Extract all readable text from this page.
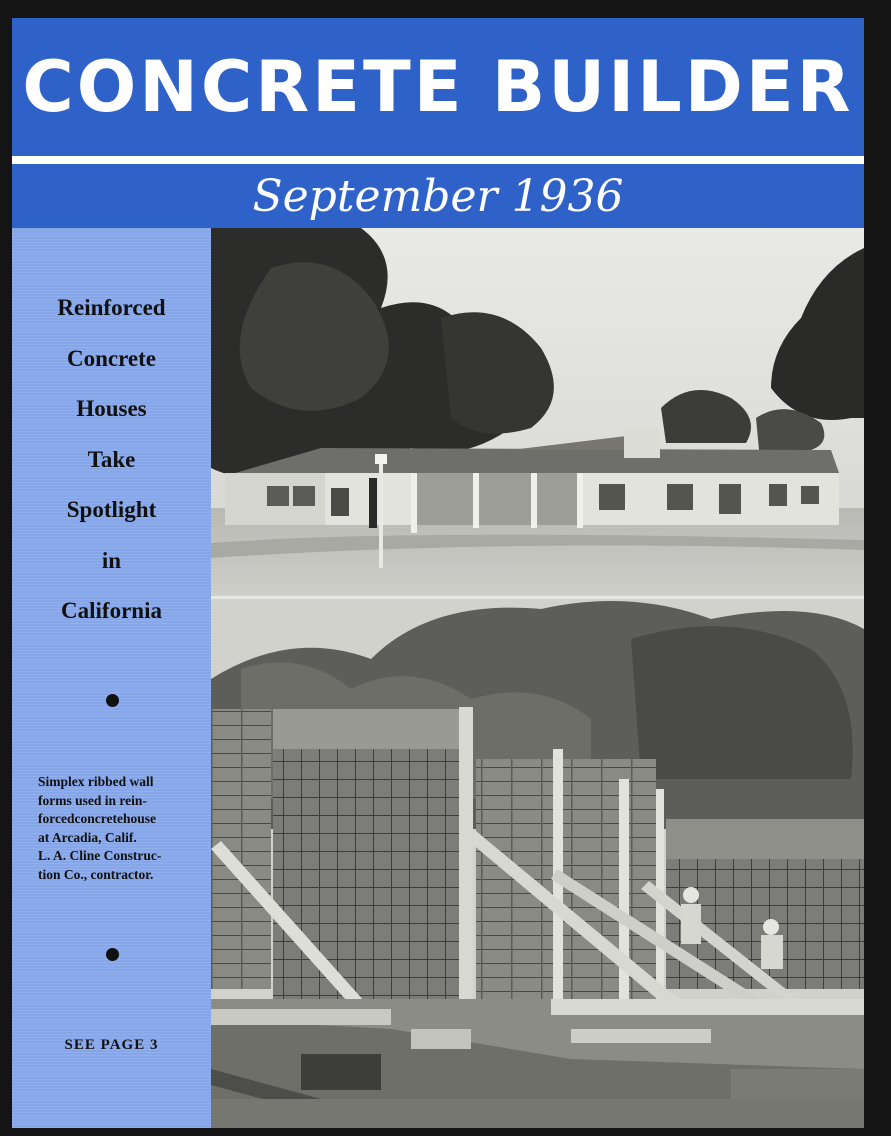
CONCRETE BUILDER
September 1936
Reinforced
Concrete
Houses
Take
Spotlight
in
California

Simplex ribbed wall
forms used in rein-
forcedconcretehouse
at Arcadia, Calif.
L. A. Cline Construc-
tion Co., contractor.

SEE PAGE 3
